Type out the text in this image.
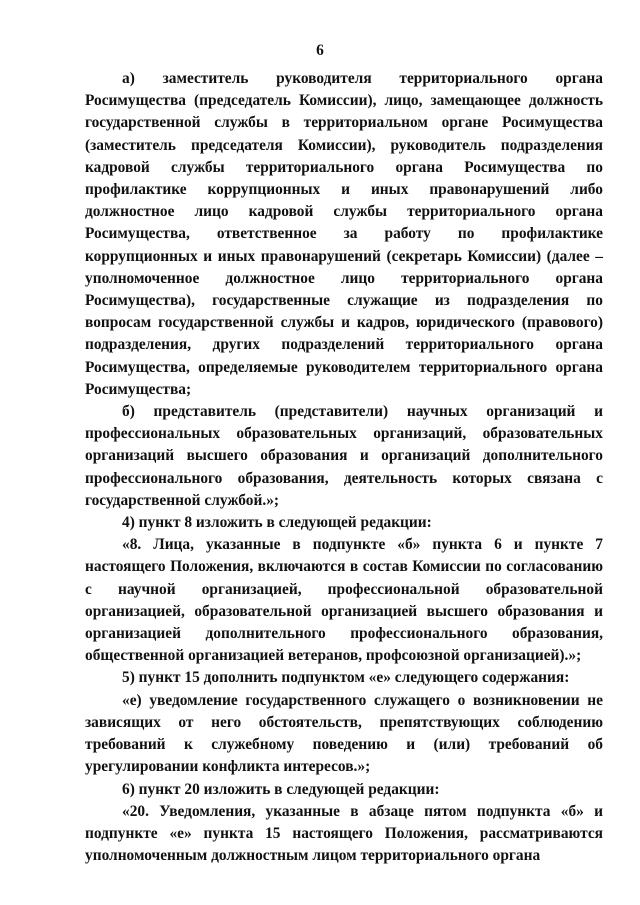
6

а) заместитель руководителя территориального органа Росимущества (председатель Комиссии), лицо, замещающее должность государственной службы в территориальном органе Росимущества (заместитель председателя Комиссии), руководитель подразделения кадровой службы территориального органа Росимущества по профилактике коррупционных и иных правонарушений либо должностное лицо кадровой службы территориального органа Росимущества, ответственное за работу по профилактике коррупционных и иных правонарушений (секретарь Комиссии) (далее – уполномоченное должностное лицо территориального органа Росимущества), государственные служащие из подразделения по вопросам государственной службы и кадров, юридического (правового) подразделения, других подразделений территориального органа Росимущества, определяемые руководителем территориального органа Росимущества;

б) представитель (представители) научных организаций и профессиональных образовательных организаций, образовательных организаций высшего образования и организаций дополнительного профессионального образования, деятельность которых связана с государственной службой.»;

4) пункт 8 изложить в следующей редакции:

«8. Лица, указанные в подпункте «б» пункта 6 и пункте 7 настоящего Положения, включаются в состав Комиссии по согласованию с научной организацией, профессиональной образовательной организацией, образовательной организацией высшего образования и организацией дополнительного профессионального образования, общественной организацией ветеранов, профсоюзной организацией).»;

5) пункт 15 дополнить подпунктом «е» следующего содержания:

«е) уведомление государственного служащего о возникновении не зависящих от него обстоятельств, препятствующих соблюдению требований к служебному поведению и (или) требований об урегулировании конфликта интересов.»;

6) пункт 20 изложить в следующей редакции:

«20. Уведомления, указанные в абзаце пятом подпункта «б» и подпункте «е» пункта 15 настоящего Положения, рассматриваются уполномоченным должностным лицом территориального органа
